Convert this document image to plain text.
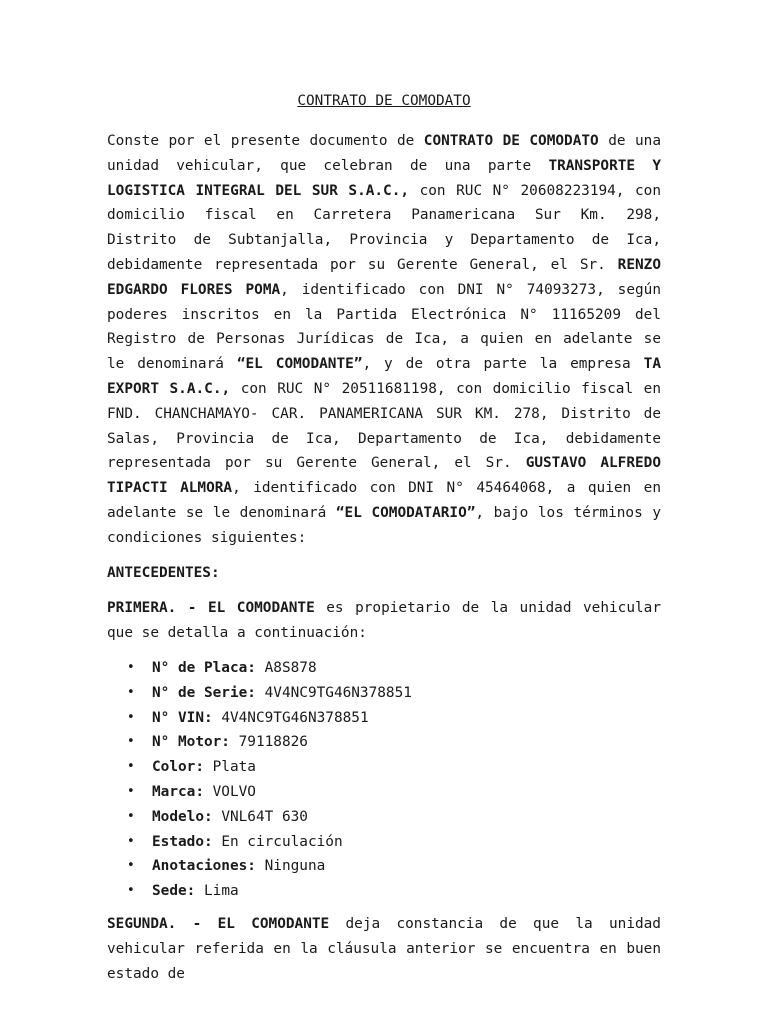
CONTRATO DE COMODATO

Conste por el presente documento de CONTRATO DE COMODATO de una unidad vehicular, que celebran de una parte TRANSPORTE Y LOGISTICA INTEGRAL DEL SUR S.A.C., con RUC N° 20608223194, con domicilio fiscal en Carretera Panamericana Sur Km. 298, Distrito de Subtanjalla, Provincia y Departamento de Ica, debidamente representada por su Gerente General, el Sr. RENZO EDGARDO FLORES POMA, identificado con DNI N° 74093273, según poderes inscritos en la Partida Electrónica N° 11165209 del Registro de Personas Jurídicas de Ica, a quien en adelante se le denominará “EL COMODANTE”, y de otra parte la empresa TA EXPORT S.A.C., con RUC N° 20511681198, con domicilio fiscal en FND. CHANCHAMAYO- CAR. PANAMERICANA SUR KM. 278, Distrito de Salas, Provincia de Ica, Departamento de Ica, debidamente representada por su Gerente General, el Sr. GUSTAVO ALFREDO TIPACTI ALMORA, identificado con DNI N° 45464068, a quien en adelante se le denominará “EL COMODATARIO”, bajo los términos y condiciones siguientes:

ANTECEDENTES:

PRIMERA. - EL COMODANTE es propietario de la unidad vehicular que se detalla a continuación:

• N° de Placa: A8S878
• N° de Serie: 4V4NC9TG46N378851
• N° VIN: 4V4NC9TG46N378851
• N° Motor: 79118826
• Color: Plata
• Marca: VOLVO
• Modelo: VNL64T 630
• Estado: En circulación
• Anotaciones: Ninguna
• Sede: Lima

SEGUNDA. - EL COMODANTE deja constancia de que la unidad vehicular referida en la cláusula anterior se encuentra en buen estado de
